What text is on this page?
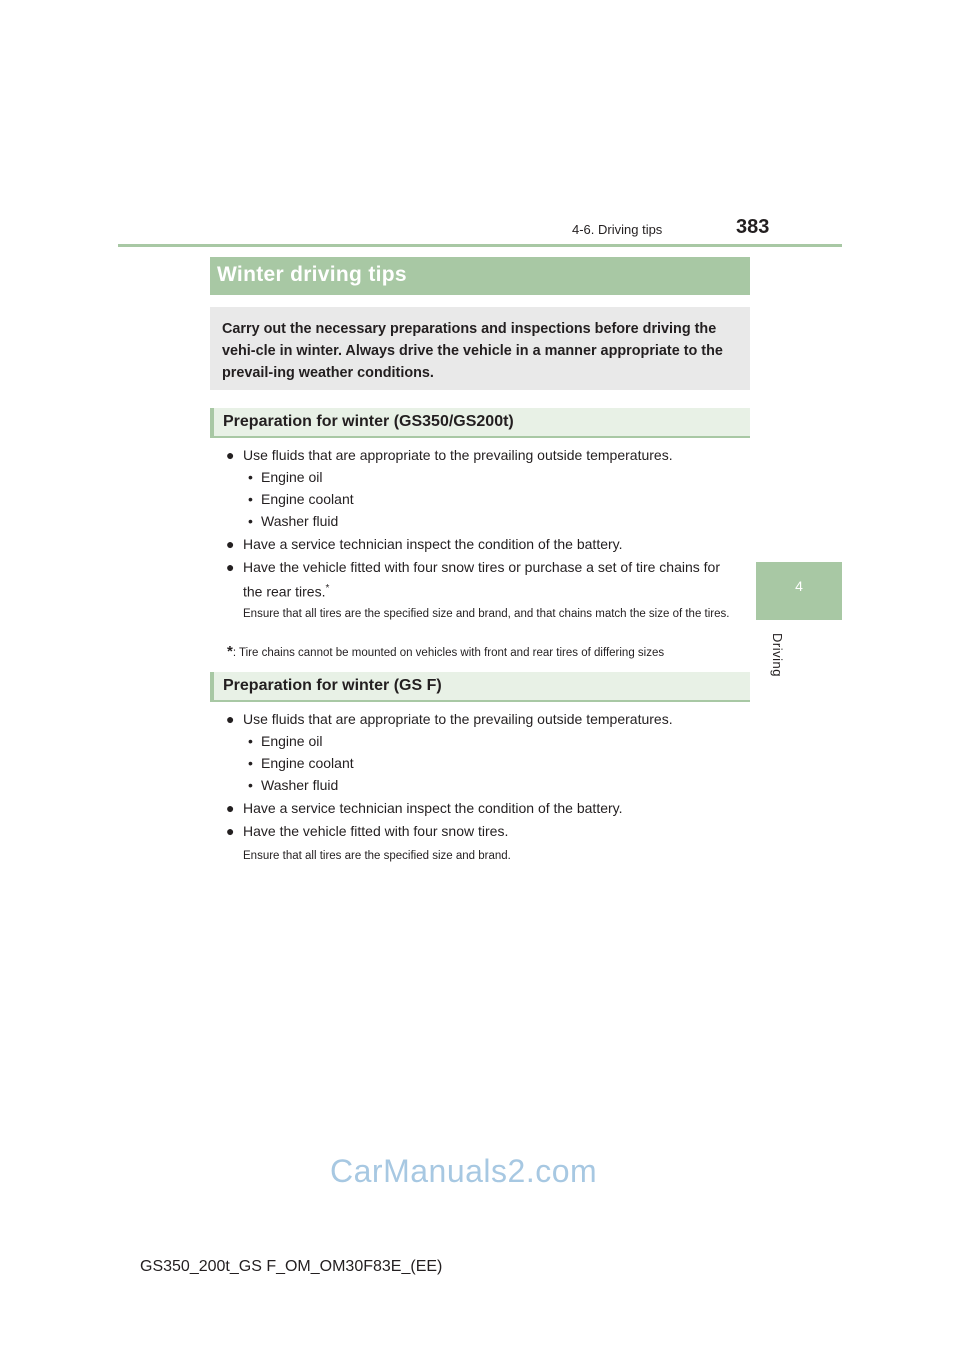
4-6. Driving tips	383
4
Driving
Winter driving tips
Carry out the necessary preparations and inspections before driving the vehi-cle in winter. Always drive the vehicle in a manner appropriate to the prevail-ing weather conditions.
Preparation for winter (GS350/GS200t)
● Use fluids that are appropriate to the prevailing outside temperatures.
• Engine oil
• Engine coolant
• Washer fluid
● Have a service technician inspect the condition of the battery.
● Have the vehicle fitted with four snow tires or purchase a set of tire chains for
the rear tires.*
Ensure that all tires are the specified size and brand, and that chains match the size of the tires.
*: Tire chains cannot be mounted on vehicles with front and rear tires of differing sizes
Preparation for winter (GS F)
● Use fluids that are appropriate to the prevailing outside temperatures.
• Engine oil
• Engine coolant
• Washer fluid
● Have a service technician inspect the condition of the battery.
● Have the vehicle fitted with four snow tires.
Ensure that all tires are the specified size and brand.
CarManuals2.com
GS350_200t_GS F_OM_OM30F83E_(EE)
